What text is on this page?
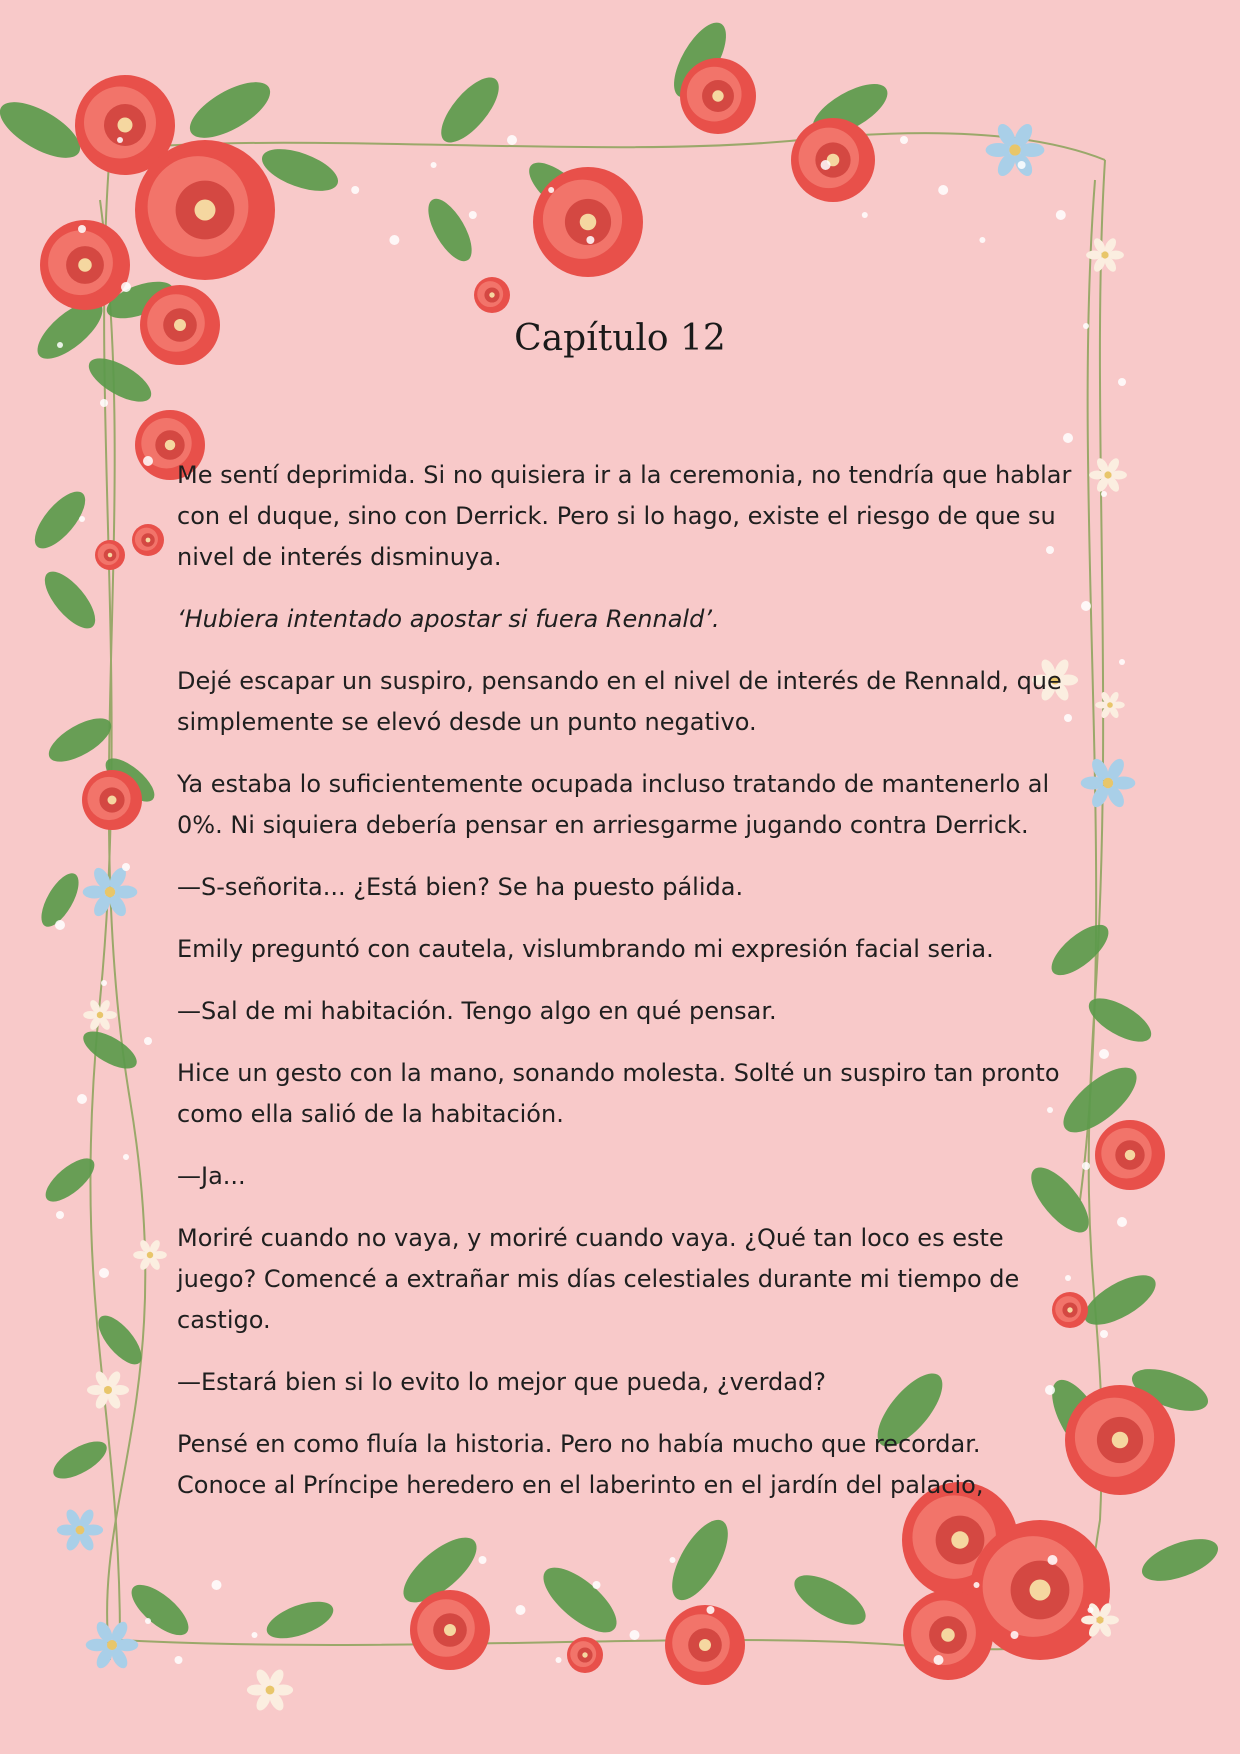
Capítulo 12

Me sentí deprimida. Si no quisiera ir a la ceremonia, no tendría que hablar con el duque, sino con Derrick. Pero si lo hago, existe el riesgo de que su nivel de interés disminuya.

‘Hubiera intentado apostar si fuera Rennald’.

Dejé escapar un suspiro, pensando en el nivel de interés de Rennald, que simplemente se elevó desde un punto negativo.

Ya estaba lo suficientemente ocupada incluso tratando de mantenerlo al 0%. Ni siquiera debería pensar en arriesgarme jugando contra Derrick.

—S-señorita... ¿Está bien? Se ha puesto pálida.

Emily preguntó con cautela, vislumbrando mi expresión facial seria.

—Sal de mi habitación. Tengo algo en qué pensar.

Hice un gesto con la mano, sonando molesta. Solté un suspiro tan pronto como ella salió de la habitación.

—Ja...

Moriré cuando no vaya, y moriré cuando vaya. ¿Qué tan loco es este juego? Comencé a extrañar mis días celestiales durante mi tiempo de castigo.

—Estará bien si lo evito lo mejor que pueda, ¿verdad?

Pensé en como fluía la historia. Pero no había mucho que recordar. Conoce al Príncipe heredero en el laberinto en el jardín del palacio,
